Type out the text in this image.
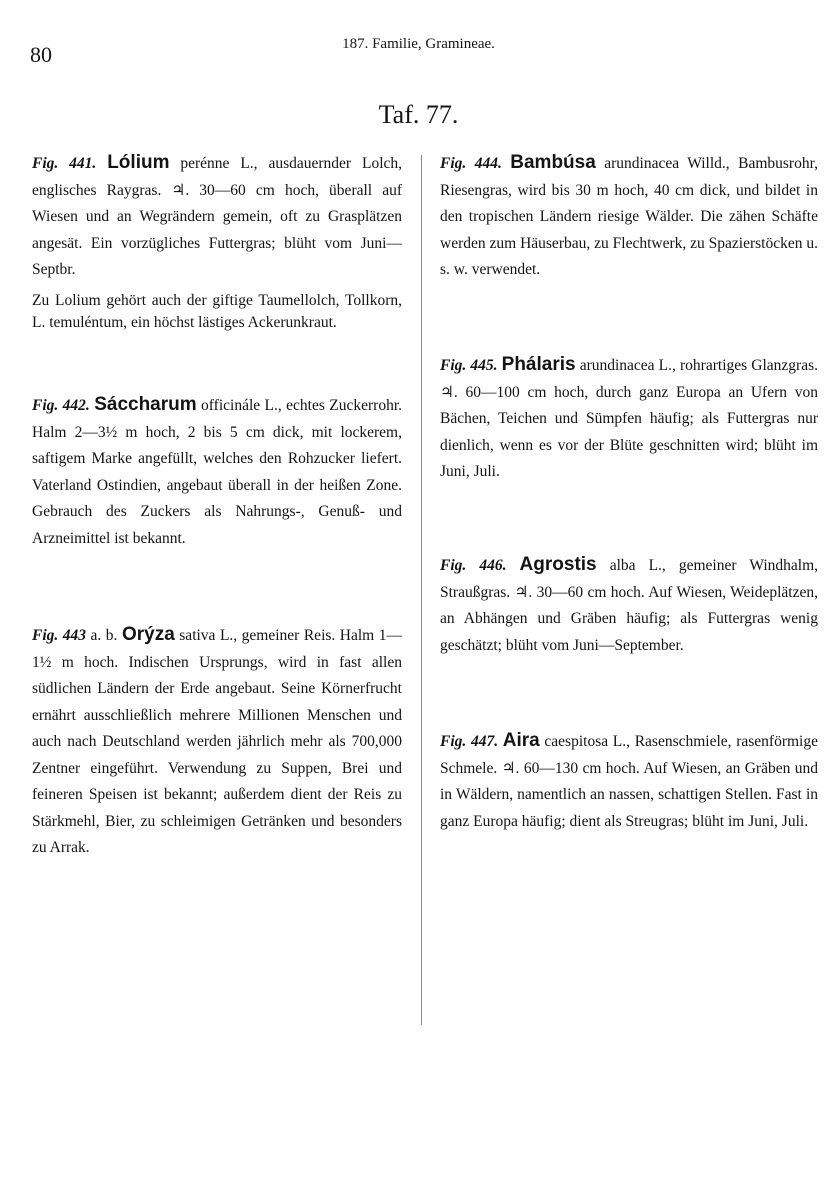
80	187. Familie, Gramineae.
Taf. 77.

Fig. 441. Lólium perénne L., ausdauernder Lolch, englisches Raygras. ♃. 30—60 cm hoch, überall auf Wiesen und an Wegrändern gemein, oft zu Grasplätzen angesät. Ein vorzügliches Futtergras; blüht vom Juni—Septbr.

Zu Lolium gehört auch der giftige Taumellolch, Tollkorn, L. temuléntum, ein höchst lästiges Ackerunkraut.

Fig. 442. Sáccharum officinále L., echtes Zuckerrohr. Halm 2—3½ m hoch, 2 bis 5 cm dick, mit lockerem, saftigem Marke angefüllt, welches den Rohzucker liefert. Vaterland Ostindien, angebaut überall in der heißen Zone. Gebrauch des Zuckers als Nahrungs-, Genuß- und Arzneimittel ist bekannt.

Fig. 443 a. b. Orýza sativa L., gemeiner Reis. Halm 1—1½ m hoch. Indischen Ursprungs, wird in fast allen südlichen Ländern der Erde angebaut. Seine Körnerfrucht ernährt ausschließlich mehrere Millionen Menschen und auch nach Deutschland werden jährlich mehr als 700,000 Zentner eingeführt. Verwendung zu Suppen, Brei und feineren Speisen ist bekannt; außerdem dient der Reis zu Stärkmehl, Bier, zu schleimigen Getränken und besonders zu Arrak.

Fig. 444. Bambúsa arundinacea Willd., Bambusrohr, Riesengras, wird bis 30 m hoch, 40 cm dick, und bildet in den tropischen Ländern riesige Wälder. Die zähen Schäfte werden zum Häuserbau, zu Flechtwerk, zu Spazierstöcken u. s. w. verwendet.

Fig. 445. Phálaris arundinacea L., rohrartiges Glanzgras. ♃. 60—100 cm hoch, durch ganz Europa an Ufern von Bächen, Teichen und Sümpfen häufig; als Futtergras nur dienlich, wenn es vor der Blüte geschnitten wird; blüht im Juni, Juli.

Fig. 446. Agrostis alba L., gemeiner Windhalm, Straußgras. ♃. 30—60 cm hoch. Auf Wiesen, Weideplätzen, an Abhängen und Gräben häufig; als Futtergras wenig geschätzt; blüht vom Juni—September.

Fig. 447. Aira caespitosa L., Rasenschmiele, rasenförmige Schmele. ♃. 60—130 cm hoch. Auf Wiesen, an Gräben und in Wäldern, namentlich an nassen, schattigen Stellen. Fast in ganz Europa häufig; dient als Streugras; blüht im Juni, Juli.
